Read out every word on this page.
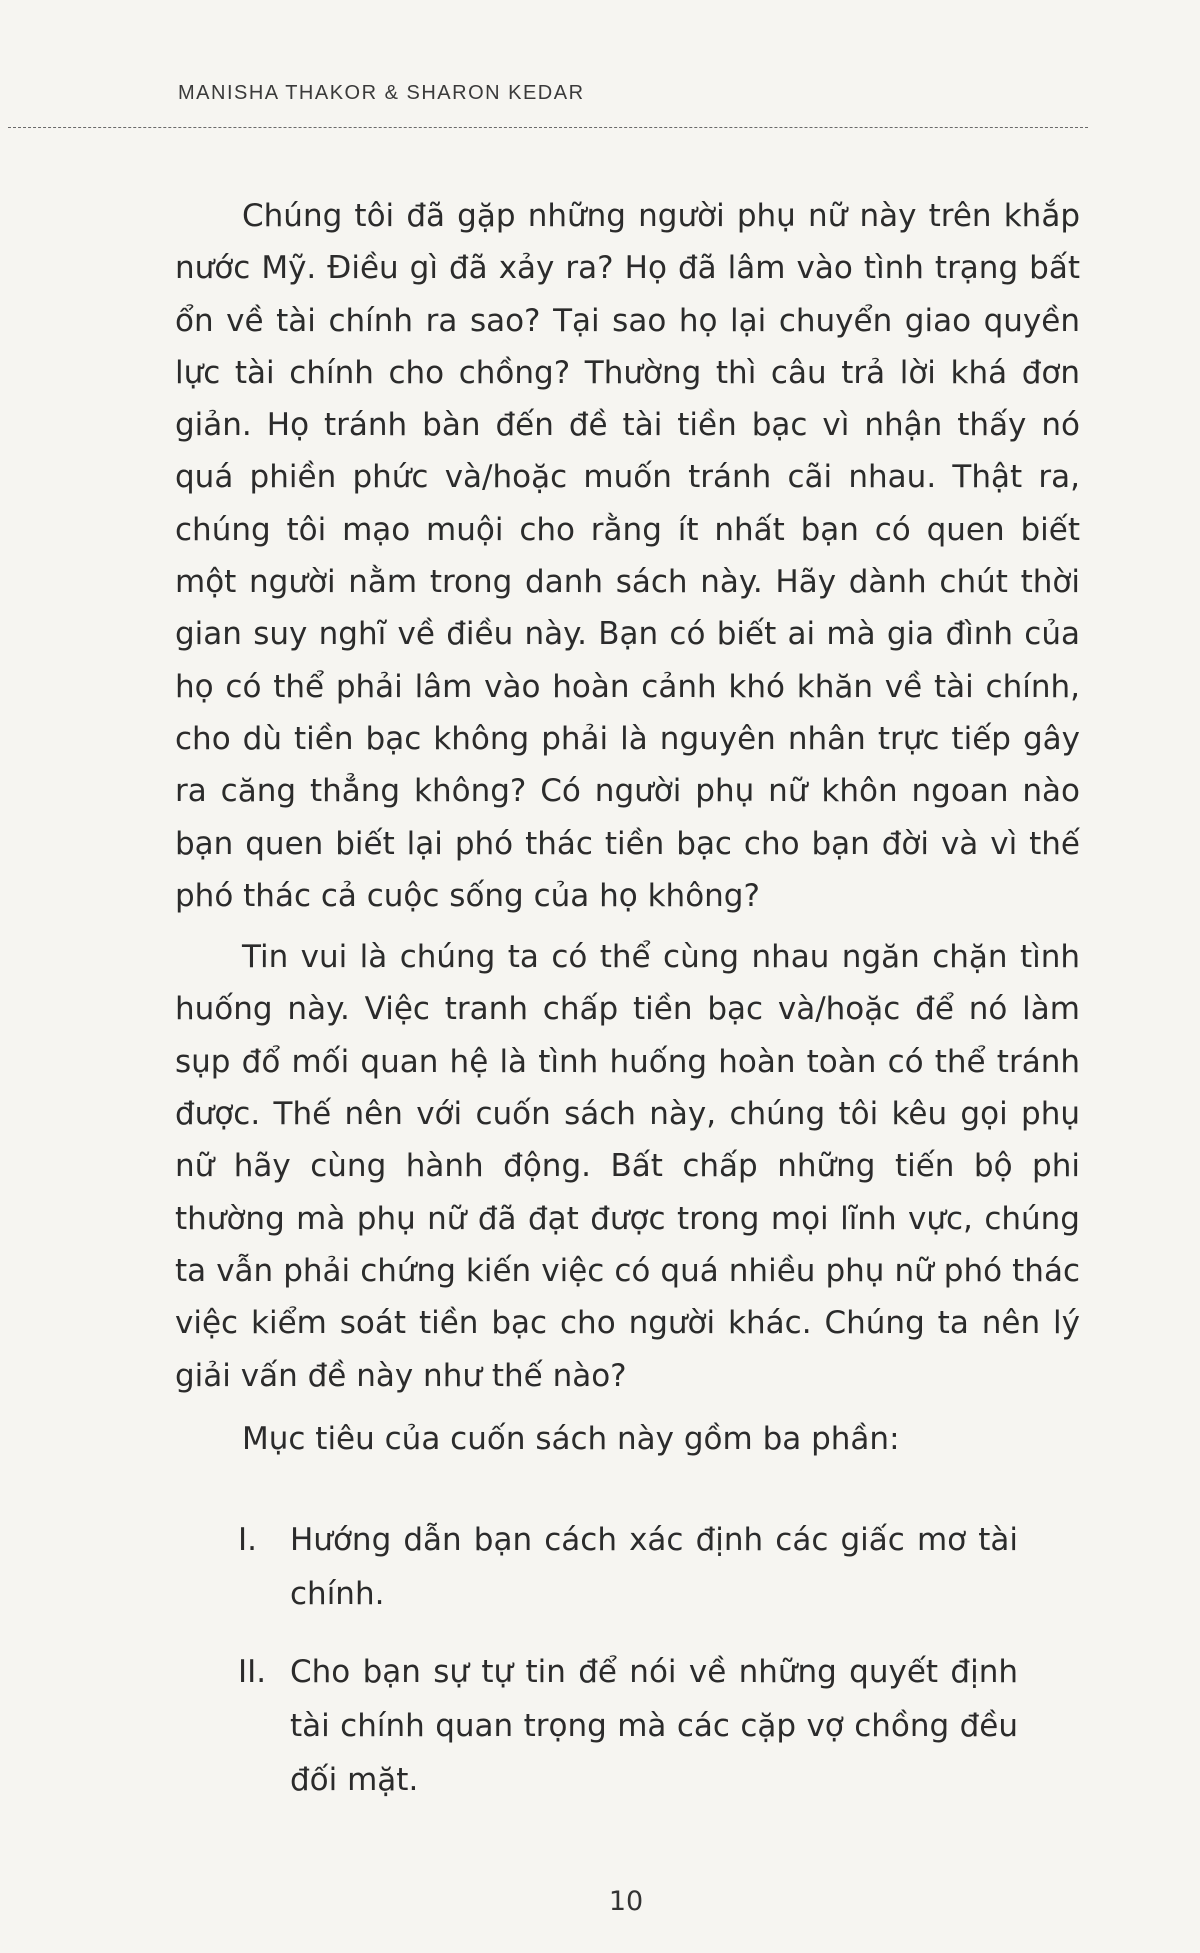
MANISHA THAKOR & SHARON KEDAR

Chúng tôi đã gặp những người phụ nữ này trên khắp nước Mỹ. Điều gì đã xảy ra? Họ đã lâm vào tình trạng bất ổn về tài chính ra sao? Tại sao họ lại chuyển giao quyền lực tài chính cho chồng? Thường thì câu trả lời khá đơn giản. Họ tránh bàn đến đề tài tiền bạc vì nhận thấy nó quá phiền phức và/hoặc muốn tránh cãi nhau. Thật ra, chúng tôi mạo muội cho rằng ít nhất bạn có quen biết một người nằm trong danh sách này. Hãy dành chút thời gian suy nghĩ về điều này. Bạn có biết ai mà gia đình của họ có thể phải lâm vào hoàn cảnh khó khăn về tài chính, cho dù tiền bạc không phải là nguyên nhân trực tiếp gây ra căng thẳng không? Có người phụ nữ khôn ngoan nào bạn quen biết lại phó thác tiền bạc cho bạn đời và vì thế phó thác cả cuộc sống của họ không?

Tin vui là chúng ta có thể cùng nhau ngăn chặn tình huống này. Việc tranh chấp tiền bạc và/hoặc để nó làm sụp đổ mối quan hệ là tình huống hoàn toàn có thể tránh được. Thế nên với cuốn sách này, chúng tôi kêu gọi phụ nữ hãy cùng hành động. Bất chấp những tiến bộ phi thường mà phụ nữ đã đạt được trong mọi lĩnh vực, chúng ta vẫn phải chứng kiến việc có quá nhiều phụ nữ phó thác việc kiểm soát tiền bạc cho người khác. Chúng ta nên lý giải vấn đề này như thế nào?

Mục tiêu của cuốn sách này gồm ba phần:

I. Hướng dẫn bạn cách xác định các giấc mơ tài chính.
II. Cho bạn sự tự tin để nói về những quyết định tài chính quan trọng mà các cặp vợ chồng đều đối mặt.
10
